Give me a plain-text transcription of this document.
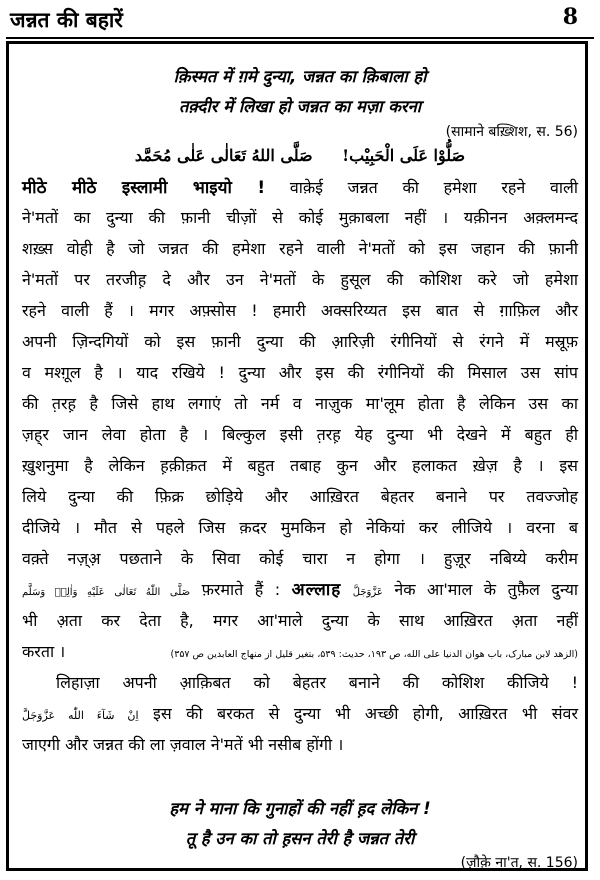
जन्नत की बहारें	8
क़िस्मत में ग़मे दुन्या, जन्नत का क़िबाला हो
तक़्दीर में लिखा हो जन्नत का मज़ा करना
(सामाने बख़्शिश, स. 56)
صَلُّوْا عَلَی الْحَبِیْب! صَلَّی اللهُ تَعَالٰی عَلٰی مُحَمَّد
मीठे मीठे इस्लामी भाइयो ! वाक़ेई जन्नत की हमेशा रहने वाली
ने'मतों का दुन्या की फ़ानी चीज़ों से कोई मुक़ाबला नहीं । यक़ीनन अक़्लमन्द
शख़्स वोही है जो जन्नत की हमेशा रहने वाली ने'मतों को इस जहान की फ़ानी
ने'मतों पर तरजीह़ दे और उन ने'मतों के हुसूल की कोशिश करे जो हमेशा
रहने वाली हैं । मगर अफ़्सोस ! हमारी अक्सरिय्यत इस बात से ग़ाफ़िल और
अपनी ज़िन्दगियों को इस फ़ानी दुन्या की आ़रिज़ी रंगीनियों से रंगने में मस्रूफ़
व मश्ग़ूल है । याद रखिये ! दुन्या और इस की रंगीनियों की मिसाल उस सांप
की त़रह़ है जिसे हाथ लगाएं तो नर्म व नाज़ुक मा'लूम होता है लेकिन उस का
ज़ह्‌र जान लेवा होता है । बिल्कुल इसी त़रह़ येह दुन्या भी देखने में बहुत ही
ख़ुशनुमा है लेकिन ह़क़ीक़त में बहुत तबाह कुन और हलाकत ख़ेज़ है । इस
लिये दुन्या की फ़िक्र छोड़िये और आख़िरत बेहतर बनाने पर तवज्जोह
दीजिये । मौत से पहले जिस क़दर मुमकिन हो नेकियां कर लीजिये । वरना ब
वक़्ते नज़्अ़ पछताने के सिवा कोई चारा न होगा । हुज़ूर नबिय्ये करीम
صَلَّى اللّٰهُ تَعَالٰى عَلَيْهِ وَاٰلِهٖ وَسَلَّم फ़रमाते हैं : अल्लाह عَزَّوَجَلَّ नेक आ'माल के तुफ़ैल दुन्या
भी अ़ता कर देता है, मगर आ'माले दुन्या के साथ आख़िरत अ़ता नहीं
करता ।	(الزهد لابن مبارک، باب هوان الدنیا علی الله، ص ۱۹۳، حدیث: ۵۳۹، بتغیر قلیل از منهاج العابدین ص ۳۵۷)
लिहाज़ा अपनी आ़क़िबत को बेहतर बनाने की कोशिश कीजिये !
اِنْ شَآءَ اللّٰه عَزَّوَجَلَّ इस की बरकत से दुन्या भी अच्छी होगी, आख़िरत भी संवर
जाएगी और जन्नत की ला ज़वाल ने'मतें भी नसीब होंगी ।
हम ने माना कि गुनाहों की नहीं ह़द लेकिन !
तू है उन का तो ह़सन तेरी है जन्नत तेरी
(ज़ौक़े ना'त, स. 156)
